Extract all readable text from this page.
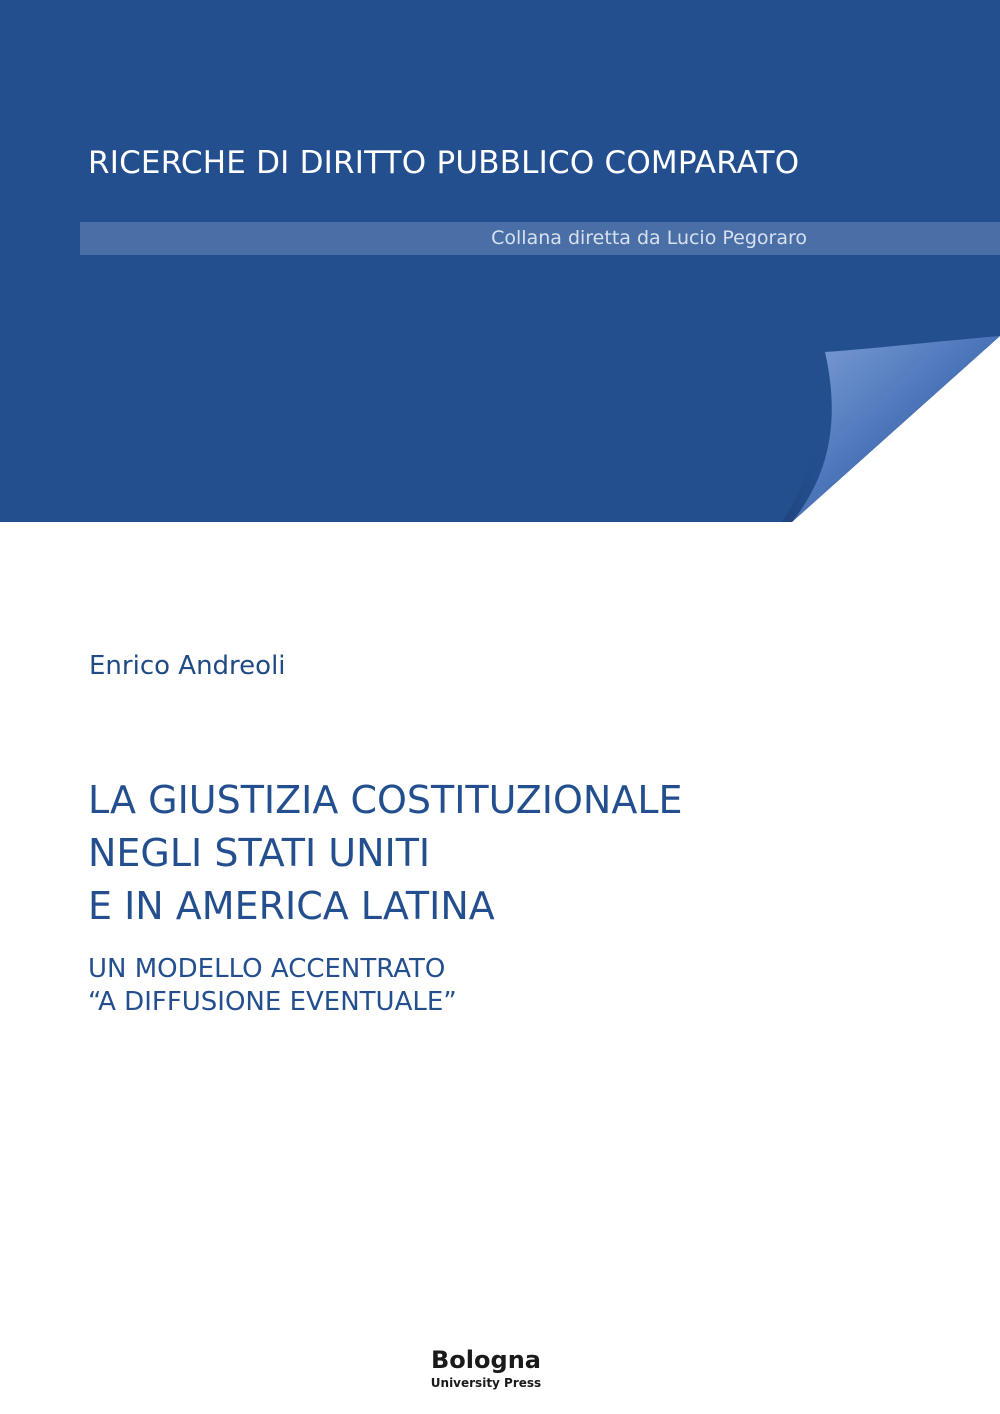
RICERCHE DI DIRITTO PUBBLICO COMPARATO
Collana diretta da Lucio Pegoraro

Enrico Andreoli

LA GIUSTIZIA COSTITUZIONALE
NEGLI STATI UNITI
E IN AMERICA LATINA
UN MODELLO ACCENTRATO
“A DIFFUSIONE EVENTUALE”
Bologna
University Press
